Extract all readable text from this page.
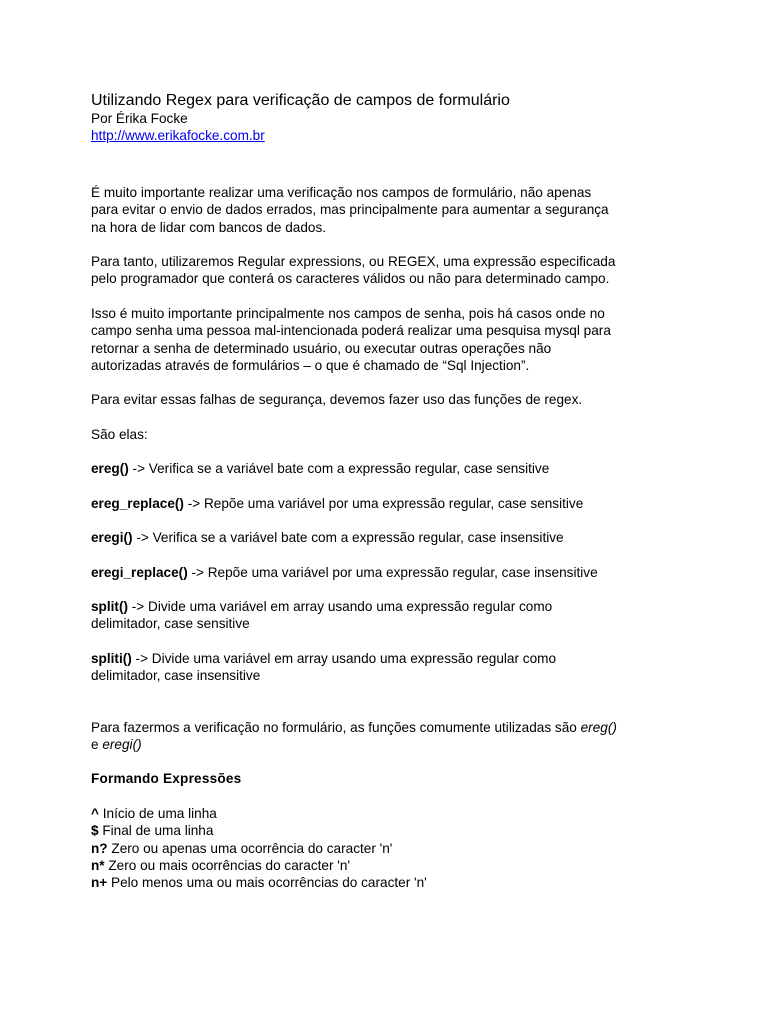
Utilizando Regex para verificação de campos de formulário

Por Érika Focke

http://www.erikafocke.com.br

É muito importante realizar uma verificação nos campos de formulário, não apenas
para evitar o envio de dados errados, mas principalmente para aumentar a segurança
na hora de lidar com bancos de dados.

Para tanto, utilizaremos Regular expressions, ou REGEX, uma expressão especificada
pelo programador que conterá os caracteres válidos ou não para determinado campo.

Isso é muito importante principalmente nos campos de senha, pois há casos onde no
campo senha uma pessoa mal-intencionada poderá realizar uma pesquisa mysql para
retornar a senha de determinado usuário, ou executar outras operações não
autorizadas através de formulários – o que é chamado de “Sql Injection”.

Para evitar essas falhas de segurança, devemos fazer uso das funções de regex.

São elas:

ereg() -> Verifica se a variável bate com a expressão regular, case sensitive

ereg_replace() -> Repõe uma variável por uma expressão regular, case sensitive

eregi() -> Verifica se a variável bate com a expressão regular, case insensitive

eregi_replace() -> Repõe uma variável por uma expressão regular, case insensitive

split() -> Divide uma variável em array usando uma expressão regular como
delimitador, case sensitive

spliti() -> Divide uma variável em array usando uma expressão regular como
delimitador, case insensitive

Para fazermos a verificação no formulário, as funções comumente utilizadas são ereg()
e eregi()

Formando Expressões

^ Início de uma linha
$ Final de uma linha
n? Zero ou apenas uma ocorrência do caracter 'n'
n* Zero ou mais ocorrências do caracter 'n'
n+ Pelo menos uma ou mais ocorrências do caracter 'n'
